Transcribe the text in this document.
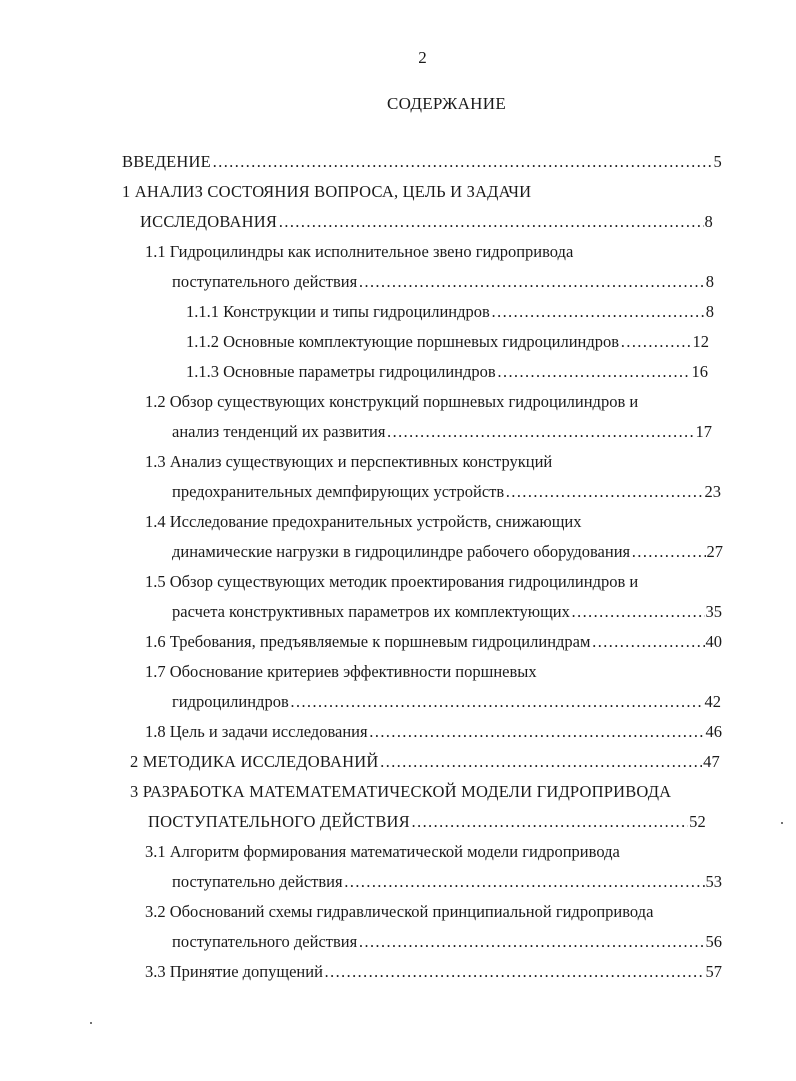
2
СОДЕРЖАНИЕ
ВВЕДЕНИЕ ……………………………………………………………………………………………………………………………………………………………………	5
1 АНАЛИЗ СОСТОЯНИЯ ВОПРОСА, ЦЕЛЬ И ЗАДАЧИ
ИССЛЕДОВАНИЯ ……………………………………………………………………………………………………………………………………………………………………	8
1.1 Гидроцилиндры как исполнительное звено гидропривода
поступательного действия ……………………………………………………………………………………………………………………………………………………………………	8
1.1.1 Конструкции и типы гидроцилиндров ……………………………………………………………………………………………………………………………………………………………………	8
1.1.2 Основные комплектующие поршневых гидроцилиндров ……………………………………………………………………………………………………………………………………………………………………	12
1.1.3 Основные параметры гидроцилиндров ……………………………………………………………………………………………………………………………………………………………………	16
1.2 Обзор существующих конструкций поршневых гидроцилиндров и
анализ тенденций их развития ……………………………………………………………………………………………………………………………………………………………………	17
1.3 Анализ существующих и перспективных конструкций
предохранительных демпфирующих устройств ……………………………………………………………………………………………………………………………………………………………………	23
1.4 Исследование предохранительных устройств, снижающих
динамические нагрузки в гидроцилиндре рабочего оборудования ……………………………………………………………………………………………………………………………………………………………………	27
1.5 Обзор существующих методик проектирования гидроцилиндров и
расчета конструктивных параметров их комплектующих ……………………………………………………………………………………………………………………………………………………………………	35
1.6 Требования, предъявляемые к поршневым гидроцилиндрам ……………………………………………………………………………………………………………………………………………………………………	40
1.7 Обоснование критериев эффективности поршневых
гидроцилиндров ……………………………………………………………………………………………………………………………………………………………………	42
1.8 Цель и задачи исследования ……………………………………………………………………………………………………………………………………………………………………	46
2 МЕТОДИКА ИССЛЕДОВАНИЙ ……………………………………………………………………………………………………………………………………………………………………	47
3 РАЗРАБОТКА МАТЕМАТЕМАТИЧЕСКОЙ МОДЕЛИ ГИДРОПРИВОДА
ПОСТУПАТЕЛЬНОГО ДЕЙСТВИЯ ……………………………………………………………………………………………………………………………………………………………………	52
3.1 Алгоритм формирования математической модели гидропривода
поступательно действия ……………………………………………………………………………………………………………………………………………………………………	53
3.2 Обоснований схемы гидравлической принципиальной гидропривода
поступательного действия ……………………………………………………………………………………………………………………………………………………………………	56
3.3 Принятие допущений ……………………………………………………………………………………………………………………………………………………………………	57
